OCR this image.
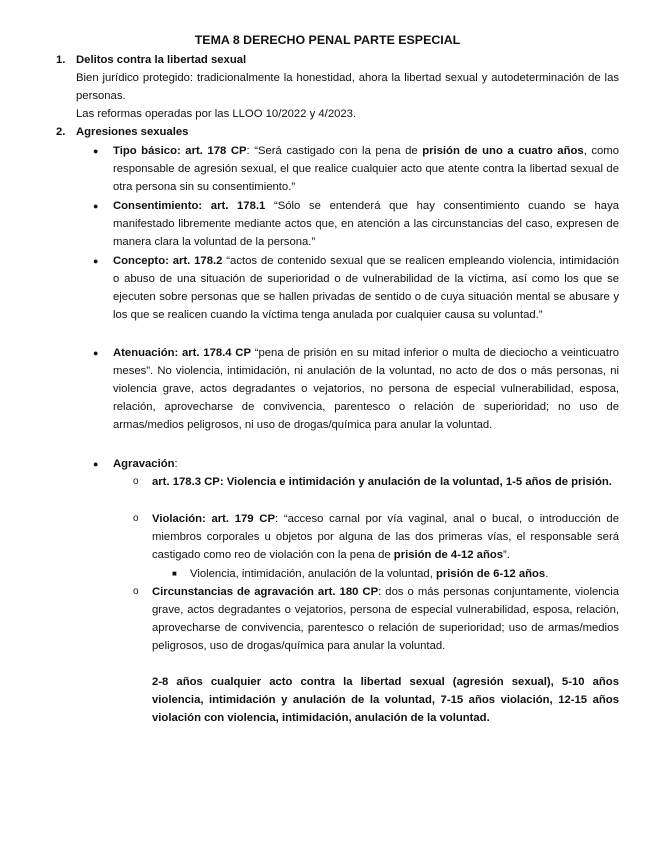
TEMA 8 DERECHO PENAL PARTE ESPECIAL
1. Delitos contra la libertad sexual
Bien jurídico protegido: tradicionalmente la honestidad, ahora la libertad sexual y autodeterminación de las personas.
Las reformas operadas por las LLOO 10/2022 y 4/2023.
2. Agresiones sexuales
● Tipo básico: art. 178 CP: “Será castigado con la pena de prisión de uno a cuatro años, como responsable de agresión sexual, el que realice cualquier acto que atente contra la libertad sexual de otra persona sin su consentimiento.”
● Consentimiento: art. 178.1 “Sólo se entenderá que hay consentimiento cuando se haya manifestado libremente mediante actos que, en atención a las circunstancias del caso, expresen de manera clara la voluntad de la persona.”
● Concepto: art. 178.2 “actos de contenido sexual que se realicen empleando violencia, intimidación o abuso de una situación de superioridad o de vulnerabilidad de la víctima, así como los que se ejecuten sobre personas que se hallen privadas de sentido o de cuya situación mental se abusare y los que se realicen cuando la víctima tenga anulada por cualquier causa su voluntad.”
● Atenuación: art. 178.4 CP “pena de prisión en su mitad inferior o multa de dieciocho a veinticuatro meses”. No violencia, intimidación, ni anulación de la voluntad, no acto de dos o más personas, ni violencia grave, actos degradantes o vejatorios, no persona de especial vulnerabilidad, esposa, relación, aprovecharse de convivencia, parentesco o relación de superioridad; no uso de armas/medios peligrosos, ni uso de drogas/química para anular la voluntad.
● Agravación:
o art. 178.3 CP: Violencia e intimidación y anulación de la voluntad, 1-5 años de prisión.
o Violación: art. 179 CP: “acceso carnal por vía vaginal, anal o bucal, o introducción de miembros corporales u objetos por alguna de las dos primeras vías, el responsable será castigado como reo de violación con la pena de prisión de 4-12 años”.
■ Violencia, intimidación, anulación de la voluntad, prisión de 6-12 años.
o Circunstancias de agravación art. 180 CP: dos o más personas conjuntamente, violencia grave, actos degradantes o vejatorios, persona de especial vulnerabilidad, esposa, relación, aprovecharse de convivencia, parentesco o relación de superioridad; uso de armas/medios peligrosos, uso de drogas/química para anular la voluntad.
2-8 años cualquier acto contra la libertad sexual (agresión sexual), 5-10 años violencia, intimidación y anulación de la voluntad, 7-15 años violación, 12-15 años violación con violencia, intimidación, anulación de la voluntad.
